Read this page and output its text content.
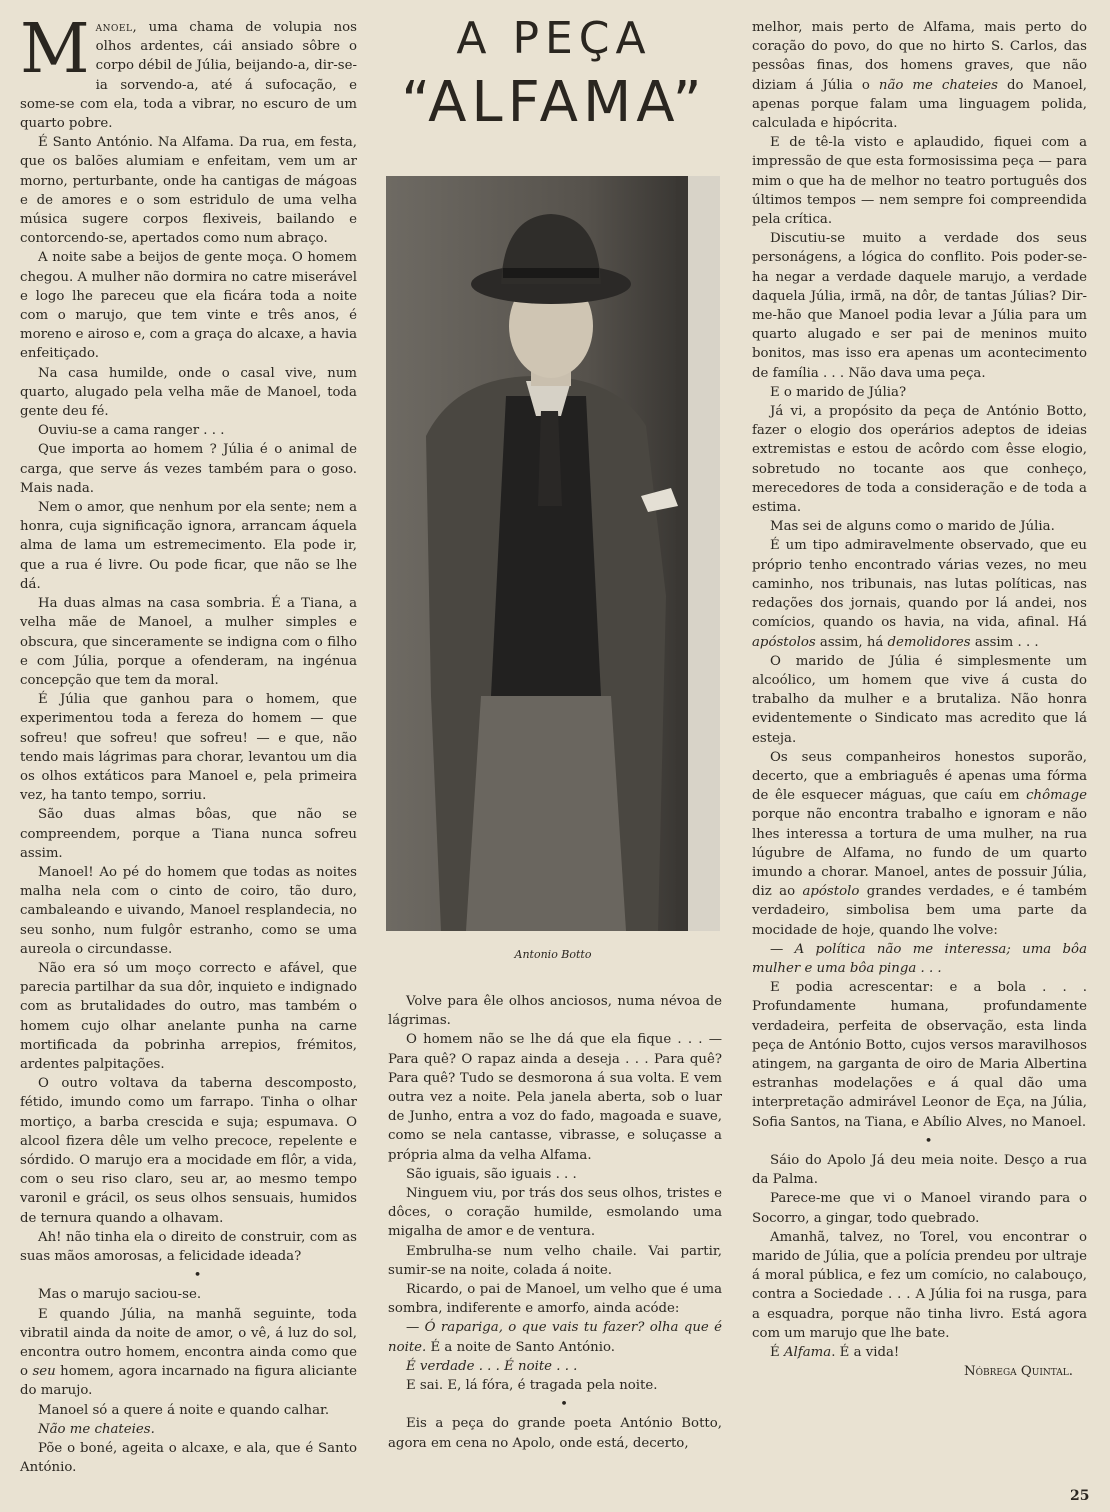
Manoel, uma chama de volupia nos olhos ardentes, cái ansiado sôbre o corpo débil de Júlia, beijando-a, dir-se-ia sorvendo-a, até á sufocação, e some-se com ela, toda a vibrar, no escuro de um quarto pobre.

É Santo António. Na Alfama. Da rua, em festa, que os balões alumiam e enfeitam, vem um ar morno, perturbante, onde ha cantigas de mágoas e de amores e o som estridulo de uma velha música sugere corpos flexiveis, bailando e contorcendo-se, apertados como num abraço.

A noite sabe a beijos de gente moça. O homem chegou. A mulher não dormira no catre miserável e logo lhe pareceu que ela ficára toda a noite com o marujo, que tem vinte e três anos, é moreno e airoso e, com a graça do alcaxe, a havia enfeitiçado.

Na casa humilde, onde o casal vive, num quarto, alugado pela velha mãe de Manoel, toda gente deu fé.

Ouviu-se a cama ranger . . .

Que importa ao homem ? Júlia é o animal de carga, que serve ás vezes também para o goso. Mais nada.

Nem o amor, que nenhum por ela sente; nem a honra, cuja significação ignora, arrancam áquela alma de lama um estremecimento. Ela pode ir, que a rua é livre. Ou pode ficar, que não se lhe dá.

Ha duas almas na casa sombria. É a Tiana, a velha mãe de Manoel, a mulher simples e obscura, que sinceramente se indigna com o filho e com Júlia, porque a ofenderam, na ingénua concepção que tem da moral.

É Júlia que ganhou para o homem, que experimentou toda a fereza do homem — que sofreu! que sofreu! que sofreu! — e que, não tendo mais lágrimas para chorar, levantou um dia os olhos extáticos para Manoel e, pela primeira vez, ha tanto tempo, sorriu.

São duas almas bôas, que não se compreendem, porque a Tiana nunca sofreu assim.

Manoel! Ao pé do homem que todas as noites malha nela com o cinto de coiro, tão duro, cambaleando e uivando, Manoel resplandecia, no seu sonho, num fulgôr estranho, como se uma aureola o circundasse.

Não era só um moço correcto e afável, que parecia partilhar da sua dôr, inquieto e indignado com as brutalidades do outro, mas também o homem cujo olhar anelante punha na carne mortificada da pobrinha arrepios, frémitos, ardentes palpitações.

O outro voltava da taberna descomposto, fétido, imundo como um farrapo. Tinha o olhar mortiço, a barba crescida e suja; espumava. O alcool fizera dêle um velho precoce, repelente e sórdido. O marujo era a mocidade em flôr, a vida, com o seu riso claro, seu ar, ao mesmo tempo varonil e grácil, os seus olhos sensuais, humidos de ternura quando a olhavam.

Ah! não tinha ela o direito de construir, com as suas mãos amorosas, a felicidade ideada?

•

Mas o marujo saciou-se.

E quando Júlia, na manhã seguinte, toda vibratil ainda da noite de amor, o vê, á luz do sol, encontra outro homem, encontra ainda como que o seu homem, agora incarnado na figura aliciante do marujo.

Manoel só a quere á noite e quando calhar.

Não me chateies.

Põe o boné, ageita o alcaxe, e ala, que é Santo António.

A PEÇA
“ALFAMA”
Antonio Botto

Volve para êle olhos anciosos, numa névoa de lágrimas.

O homem não se lhe dá que ela fique . . . — Para quê? O rapaz ainda a deseja . . . Para quê? Para quê? Tudo se desmorona á sua volta. E vem outra vez a noite. Pela janela aberta, sob o luar de Junho, entra a voz do fado, magoada e suave, como se nela cantasse, vibrasse, e soluçasse a própria alma da velha Alfama.

São iguais, são iguais . . .

Ninguem viu, por trás dos seus olhos, tristes e dôces, o coração humilde, esmolando uma migalha de amor e de ventura.

Embrulha-se num velho chaile. Vai partir, sumir-se na noite, colada á noite.

Ricardo, o pai de Manoel, um velho que é uma sombra, indiferente e amorfo, ainda acóde:

— Ó rapariga, o que vais tu fazer? olha que é noite. É a noite de Santo António.

É verdade . . . É noite . . .

E sai. E, lá fóra, é tragada pela noite.

•

Eis a peça do grande poeta António Botto, agora em cena no Apolo, onde está, decerto,

melhor, mais perto de Alfama, mais perto do coração do povo, do que no hirto S. Carlos, das pessôas finas, dos homens graves, que não diziam á Júlia o não me chateies do Manoel, apenas porque falam uma linguagem polida, calculada e hipócrita.

E de tê-la visto e aplaudido, fiquei com a impressão de que esta formosissima peça — para mim o que ha de melhor no teatro português dos últimos tempos — nem sempre foi compreendida pela crítica.

Discutiu-se muito a verdade dos seus personágens, a lógica do conflito. Pois poder-se-ha negar a verdade daquele marujo, a verdade daquela Júlia, irmã, na dôr, de tantas Júlias? Dir-me-hão que Manoel podia levar a Júlia para um quarto alugado e ser pai de meninos muito bonitos, mas isso era apenas um acontecimento de família . . . Não dava uma peça.

E o marido de Júlia?

Já vi, a propósito da peça de António Botto, fazer o elogio dos operários adeptos de ideias extremistas e estou de acôrdo com êsse elogio, sobretudo no tocante aos que conheço, merecedores de toda a consideração e de toda a estima.

Mas sei de alguns como o marido de Júlia.

É um tipo admiravelmente observado, que eu próprio tenho encontrado várias vezes, no meu caminho, nos tribunais, nas lutas políticas, nas redações dos jornais, quando por lá andei, nos comícios, quando os havia, na vida, afinal. Há apóstolos assim, há demolidores assim . . .

O marido de Júlia é simplesmente um alcoólico, um homem que vive á custa do trabalho da mulher e a brutaliza. Não honra evidentemente o Sindicato mas acredito que lá esteja.

Os seus companheiros honestos suporão, decerto, que a embriaguês é apenas uma fórma de êle esquecer máguas, que caíu em chômage porque não encontra trabalho e ignoram e não lhes interessa a tortura de uma mulher, na rua lúgubre de Alfama, no fundo de um quarto imundo a chorar. Manoel, antes de possuir Júlia, diz ao apóstolo grandes verdades, e é também verdadeiro, simbolisa bem uma parte da mocidade de hoje, quando lhe volve:

— A política não me interessa; uma bôa mulher e uma bôa pinga . . .

E podia acrescentar: e a bola . . . Profundamente humana, profundamente verdadeira, perfeita de observação, esta linda peça de António Botto, cujos versos maravilhosos atingem, na garganta de oiro de Maria Albertina estranhas modelações e á qual dão uma interpretação admirável Leonor de Eça, na Júlia, Sofia Santos, na Tiana, e Abílio Alves, no Manoel.

•

Sáio do Apolo Já deu meia noite. Desço a rua da Palma.

Parece-me que vi o Manoel virando para o Socorro, a gingar, todo quebrado.

Amanhã, talvez, no Torel, vou encontrar o marido de Júlia, que a polícia prendeu por ultraje á moral pública, e fez um comício, no calabouço, contra a Sociedade . . . A Júlia foi na rusga, para a esquadra, porque não tinha livro. Está agora com um marujo que lhe bate.

É Alfama. É a vida!

Nóbrega Quintal.

25
